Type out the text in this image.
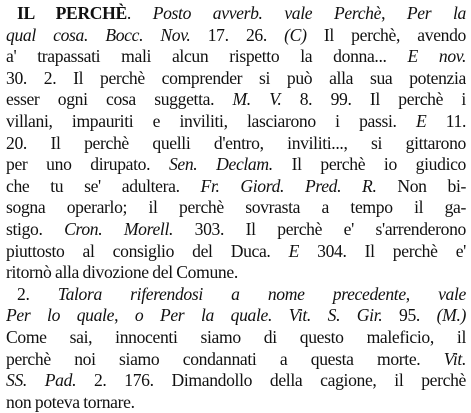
IL PERCHÈ. Posto avverb. vale Perchè, Per la
qual cosa. Bocc. Nov. 17. 26. (C) Il perchè, avendo
a' trapassati mali alcun rispetto la donna... E nov.
30. 2. Il perchè comprender si può alla sua potenzia
esser ogni cosa suggetta. M. V. 8. 99. Il perchè i
villani, impauriti e inviliti, lasciarono i passi. E 11.
20. Il perchè quelli d'entro, inviliti..., si gittarono
per uno dirupato. Sen. Declam. Il perchè io giudico
che tu se' adultera. Fr. Giord. Pred. R. Non bi-
sogna operarlo; il perchè sovrasta a tempo il ga-
stigo. Cron. Morell. 303. Il perchè e' s'arrenderono
piuttosto al consiglio del Duca. E 304. Il perchè e'
ritornò alla divozione del Comune.
2. Talora riferendosi a nome precedente, vale
Per lo quale, o Per la quale. Vit. S. Gir. 95. (M.)
Come sai, innocenti siamo di questo maleficio, il
perchè noi siamo condannati a questa morte. Vit.
SS. Pad. 2. 176. Dimandollo della cagione, il perchè
non poteva tornare.
